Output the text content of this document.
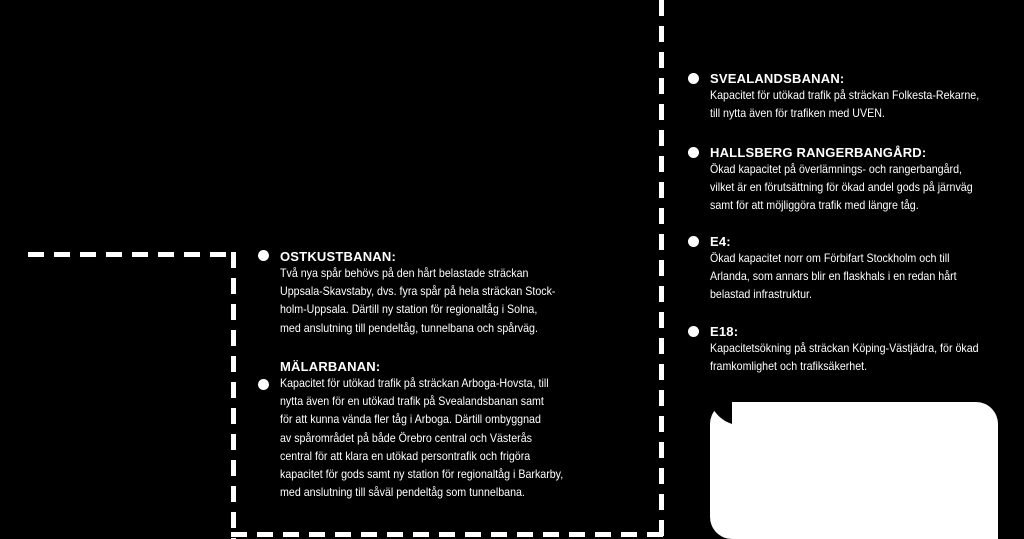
OSTKUSTBANAN:
Två nya spår behövs på den hårt belastade sträckan
Uppsala-Skavstaby, dvs. fyra spår på hela sträckan Stock-
holm-Uppsala. Därtill ny station för regionaltåg i Solna,
med anslutning till pendeltåg, tunnelbana och spårväg.
MÄLARBANAN:
Kapacitet för utökad trafik på sträckan Arboga-Hovsta, till
nytta även för en utökad trafik på Svealandsbanan samt
för att kunna vända fler tåg i Arboga. Därtill ombyggnad
av spårområdet på både Örebro central och Västerås
central för att klara en utökad persontrafik och frigöra
kapacitet för gods samt ny station för regionaltåg i Barkarby,
med anslutning till såväl pendeltåg som tunnelbana.
SVEALANDSBANAN:
Kapacitet för utökad trafik på sträckan Folkesta-Rekarne,
till nytta även för trafiken med UVEN.
HALLSBERG RANGERBANGÅRD:
Ökad kapacitet på överlämnings- och rangerbangård,
vilket är en förutsättning för ökad andel gods på järnväg
samt för att möjliggöra trafik med längre tåg.
E4:
Ökad kapacitet norr om Förbifart Stockholm och till
Arlanda, som annars blir en flaskhals i en redan hårt
belastad infrastruktur.
E18:
Kapacitetsökning på sträckan Köping-Västjädra, för ökad
framkomlighet och trafiksäkerhet.
